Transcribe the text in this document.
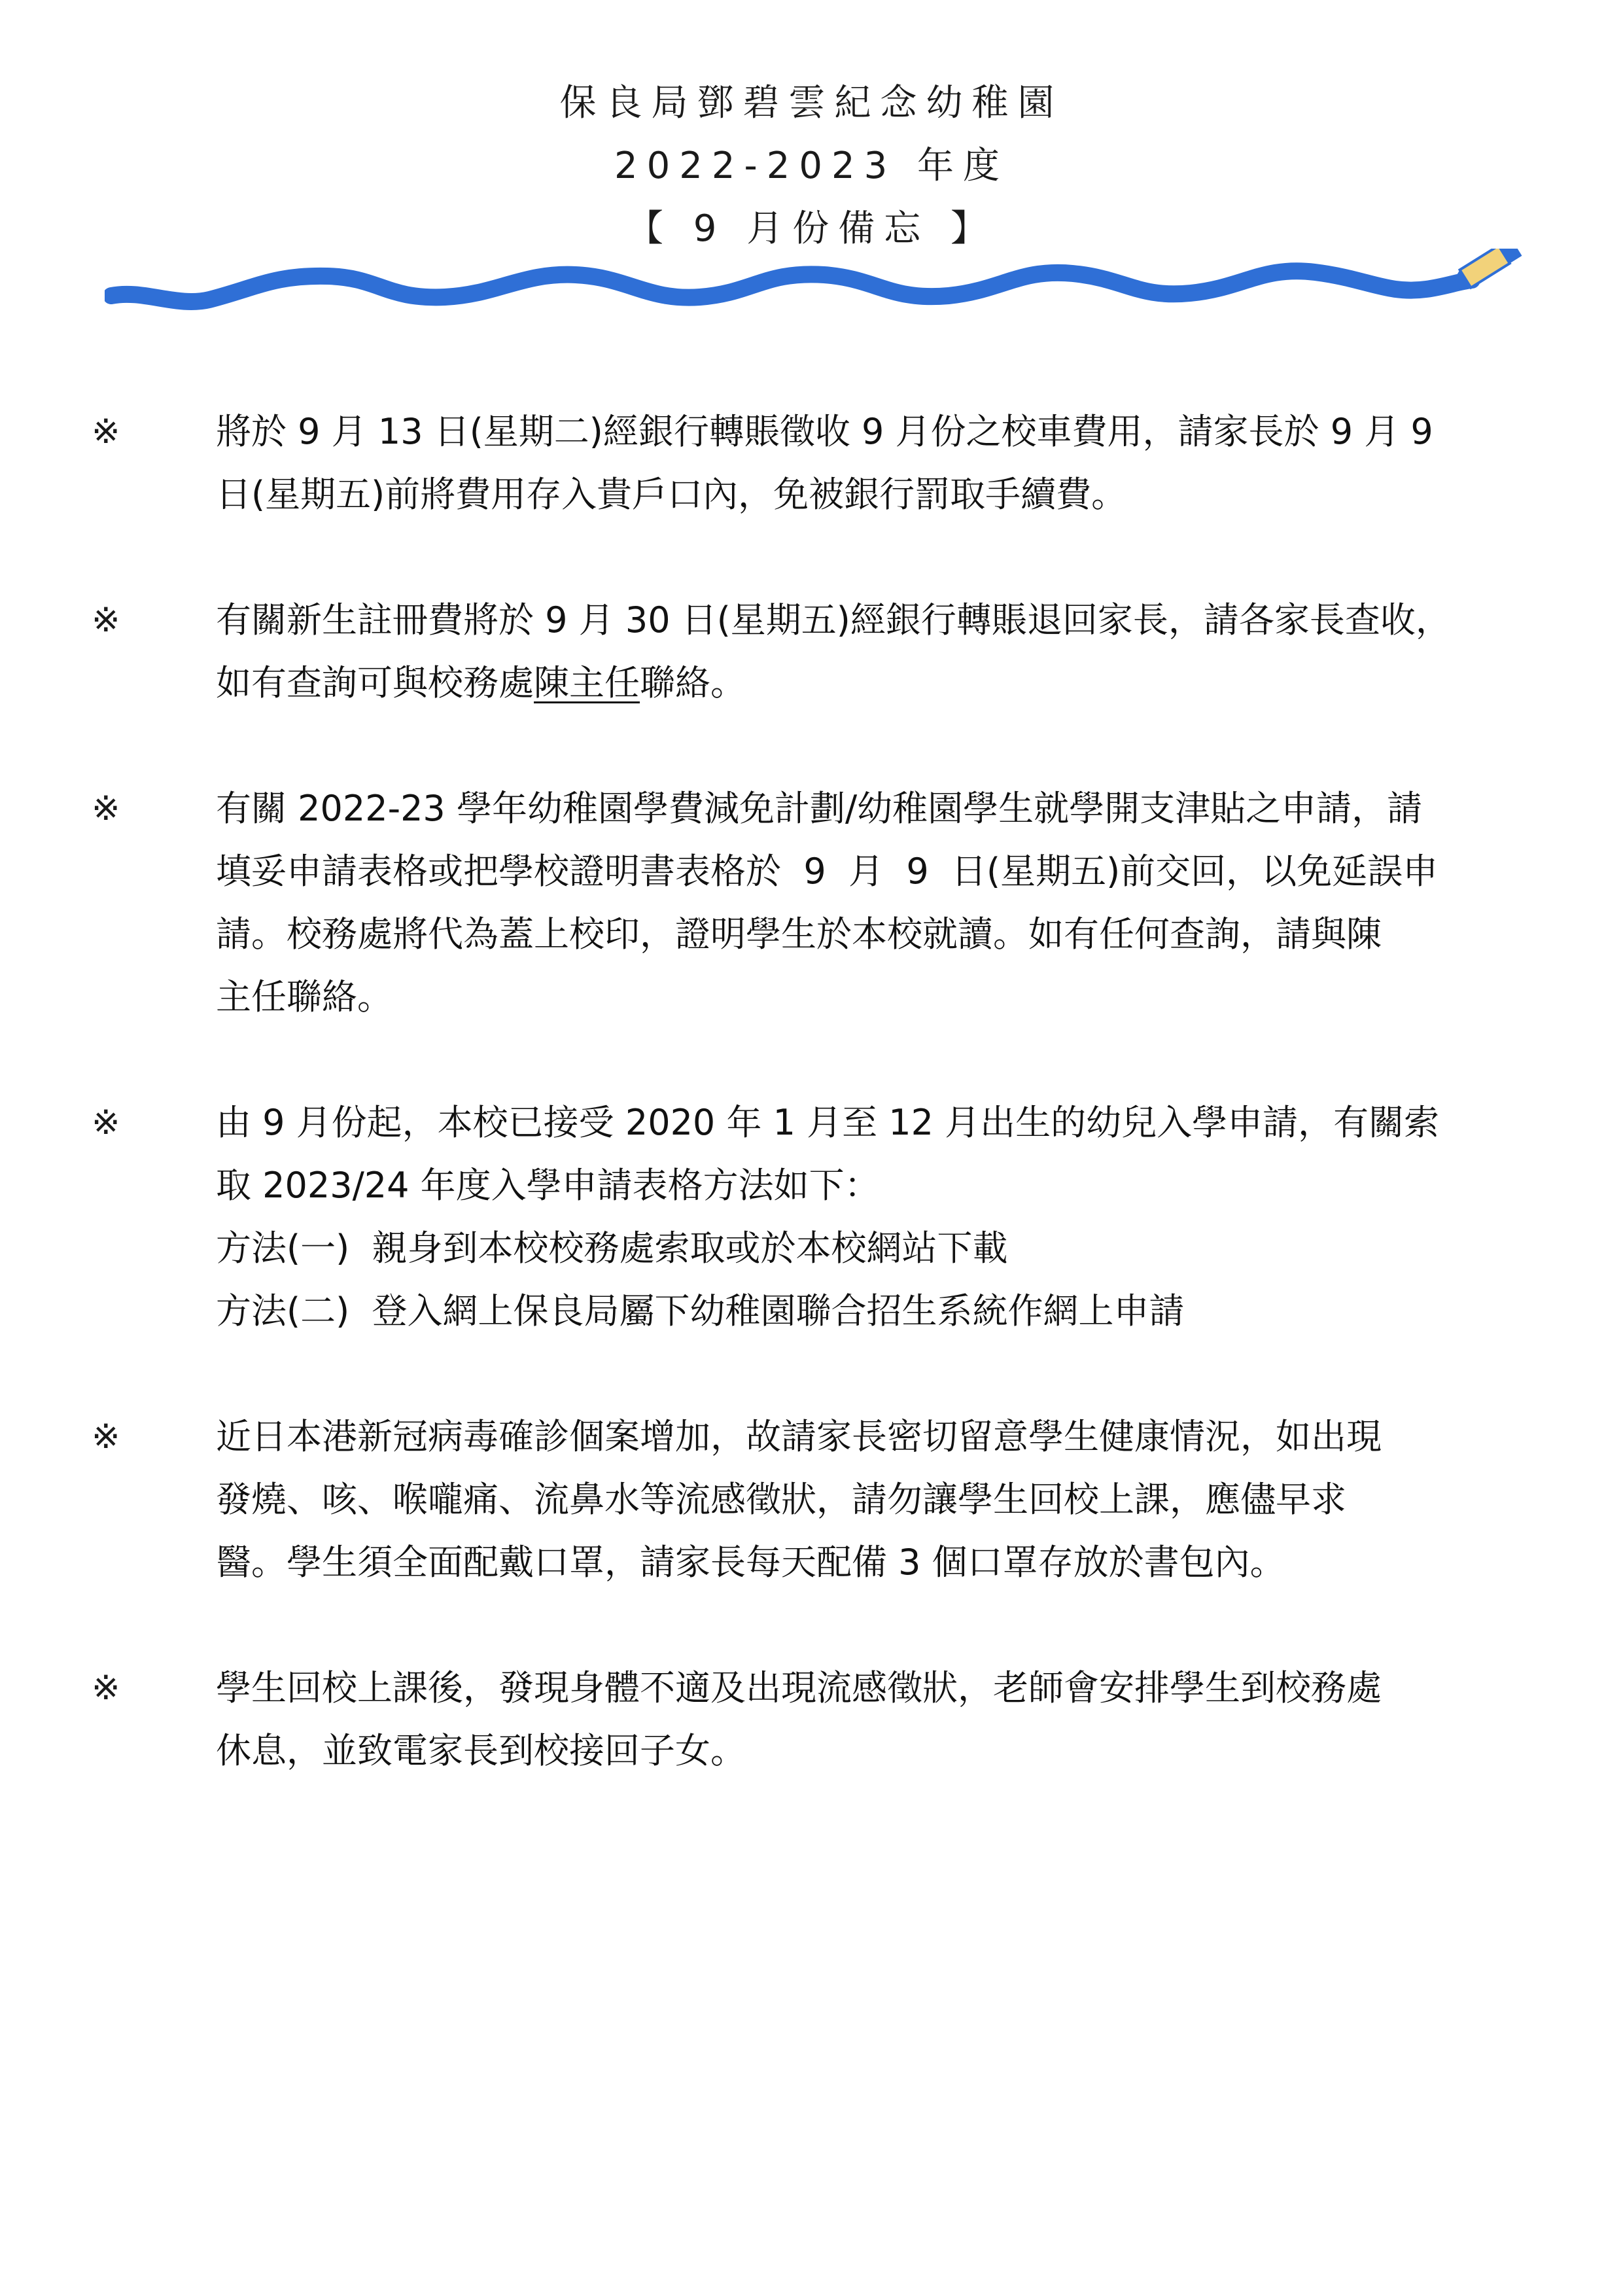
保良局鄧碧雲紀念幼稚園
2022-2023 年度
【 9 月份備忘 】
※	將於 9 月 13 日(星期二)經銀行轉賬徵收 9 月份之校車費用，請家長於 9 月 9
日(星期五)前將費用存入貴戶口內，免被銀行罰取手續費。
※	有關新生註冊費將於 9 月 30 日(星期五)經銀行轉賬退回家長，請各家長查收，
如有查詢可與校務處陳主任聯絡。
※	有關 2022-23 學年幼稚園學費減免計劃/幼稚園學生就學開支津貼之申請，請
填妥申請表格或把學校證明書表格於  9  月  9  日(星期五)前交回，以免延誤申
請。校務處將代為蓋上校印，證明學生於本校就讀。如有任何查詢，請與陳
主任聯絡。
※	由 9 月份起，本校已接受 2020 年 1 月至 12 月出生的幼兒入學申請，有關索
取 2023/24 年度入學申請表格方法如下：
方法(一)  親身到本校校務處索取或於本校網站下載
方法(二)  登入網上保良局屬下幼稚園聯合招生系統作網上申請
※	近日本港新冠病毒確診個案增加，故請家長密切留意學生健康情況，如出現
發燒、咳、喉嚨痛、流鼻水等流感徵狀，請勿讓學生回校上課，應儘早求
醫。學生須全面配戴口罩，請家長每天配備 3 個口罩存放於書包內。
※	學生回校上課後，發現身體不適及出現流感徵狀，老師會安排學生到校務處
休息，並致電家長到校接回子女。
